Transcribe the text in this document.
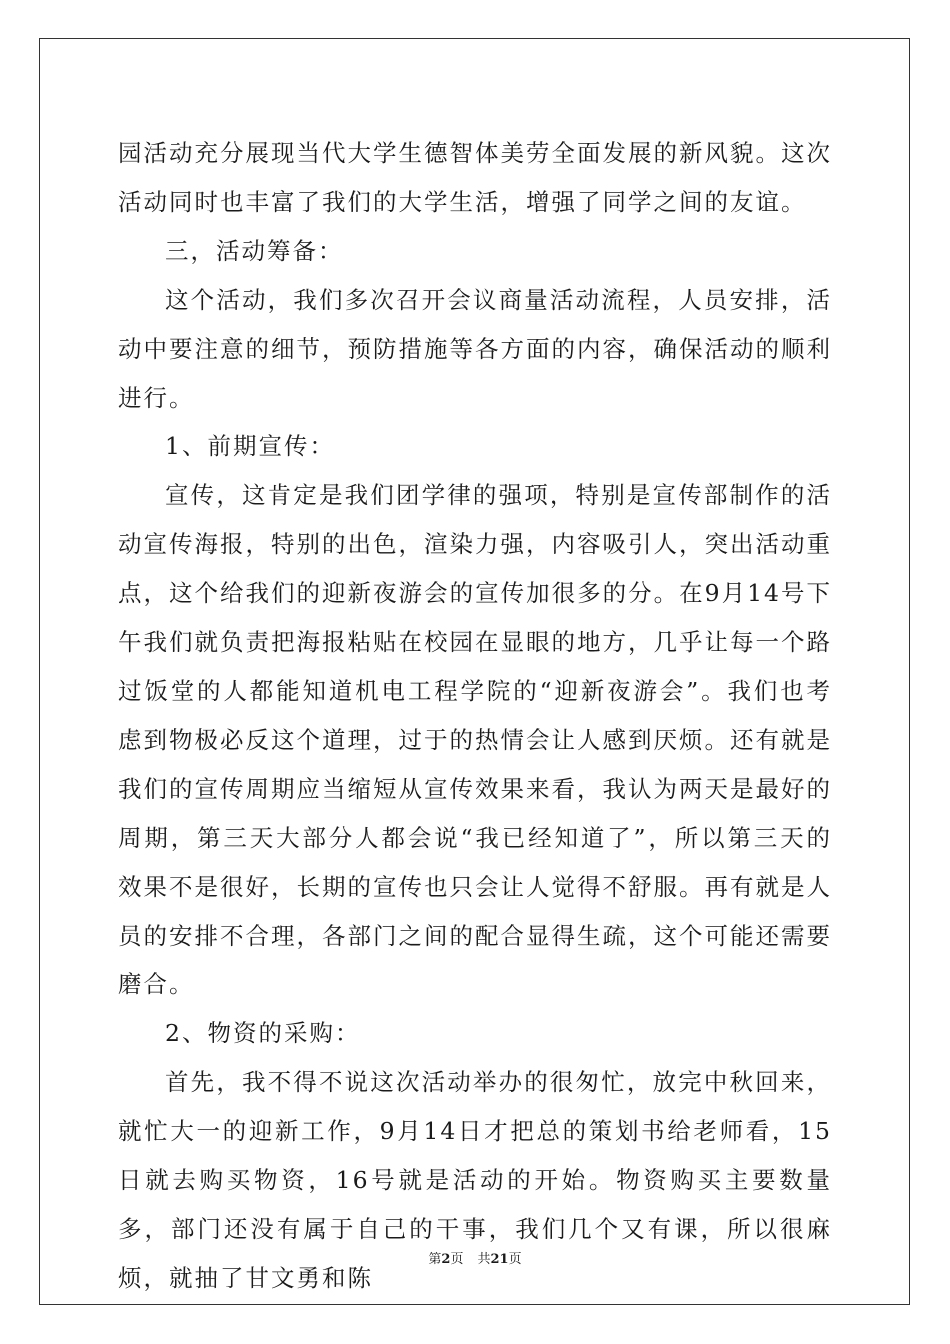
园活动充分展现当代大学生德智体美劳全面发展的新风貌。这次活动同时也丰富了我们的大学生活，增强了同学之间的友谊。

三，活动筹备：

这个活动，我们多次召开会议商量活动流程，人员安排，活动中要注意的细节，预防措施等各方面的内容，确保活动的顺利进行。

1、前期宣传：

宣传，这肯定是我们团学律的强项，特别是宣传部制作的活动宣传海报，特别的出色，渲染力强，内容吸引人，突出活动重点，这个给我们的迎新夜游会的宣传加很多的分。在9月14号下午我们就负责把海报粘贴在校园在显眼的地方，几乎让每一个路过饭堂的人都能知道机电工程学院的“迎新夜游会”。我们也考虑到物极必反这个道理，过于的热情会让人感到厌烦。还有就是我们的宣传周期应当缩短从宣传效果来看，我认为两天是最好的周期，第三天大部分人都会说“我已经知道了”，所以第三天的效果不是很好，长期的宣传也只会让人觉得不舒服。再有就是人员的安排不合理，各部门之间的配合显得生疏，这个可能还需要磨合。

2、物资的采购：

首先，我不得不说这次活动举办的很匆忙，放完中秋回来，就忙大一的迎新工作，9月14日才把总的策划书给老师看，15日就去购买物资，16号就是活动的开始。物资购买主要数量多，部门还没有属于自己的干事，我们几个又有课，所以很麻烦，就抽了甘文勇和陈

第2页 共21页
